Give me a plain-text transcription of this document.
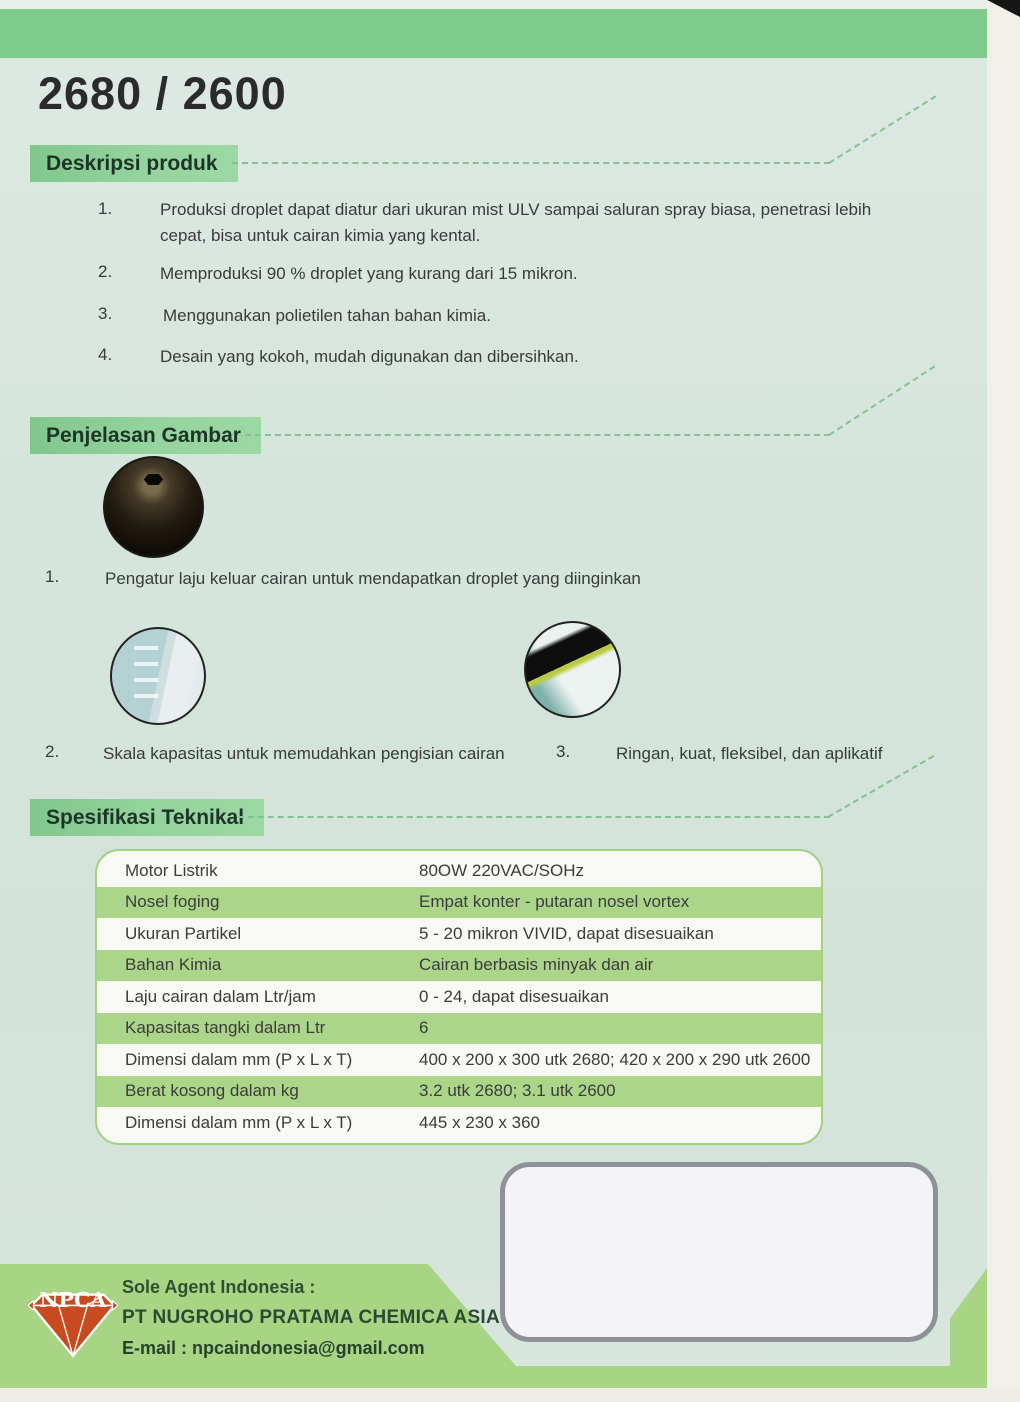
2680 / 2600
Deskripsi produk
1.	Produksi droplet dapat diatur dari ukuran mist ULV sampai saluran spray biasa, penetrasi lebih cepat, bisa untuk cairan kimia yang kental.
2.	Memproduksi 90 % droplet yang kurang dari 15 mikron.
3.	Menggunakan polietilen tahan bahan kimia.
4.	Desain yang kokoh, mudah digunakan dan dibersihkan.
Penjelasan Gambar
1.	Pengatur laju keluar cairan untuk mendapatkan droplet yang diinginkan
2.	Skala kapasitas untuk memudahkan pengisian cairan	3.	Ringan, kuat, fleksibel, dan aplikatif
Spesifikasi Teknikal
Motor Listrik	80OW 220VAC/SOHz
Nosel foging	Empat konter - putaran nosel vortex
Ukuran Partikel	5 - 20 mikron VIVID, dapat disesuaikan
Bahan Kimia	Cairan berbasis minyak dan air
Laju cairan dalam Ltr/jam	0 - 24, dapat disesuaikan
Kapasitas tangki dalam Ltr	6
Dimensi dalam mm (P x L x T)	400 x 200 x 300 utk 2680; 420 x 200 x 290 utk 2600
Berat kosong dalam kg	3.2 utk 2680; 3.1 utk 2600
Dimensi dalam mm (P x L x T)	445 x 230 x 360
NPCA
Sole Agent Indonesia :
PT NUGROHO PRATAMA CHEMICA ASIA
E-mail : npcaindonesia@gmail.com
